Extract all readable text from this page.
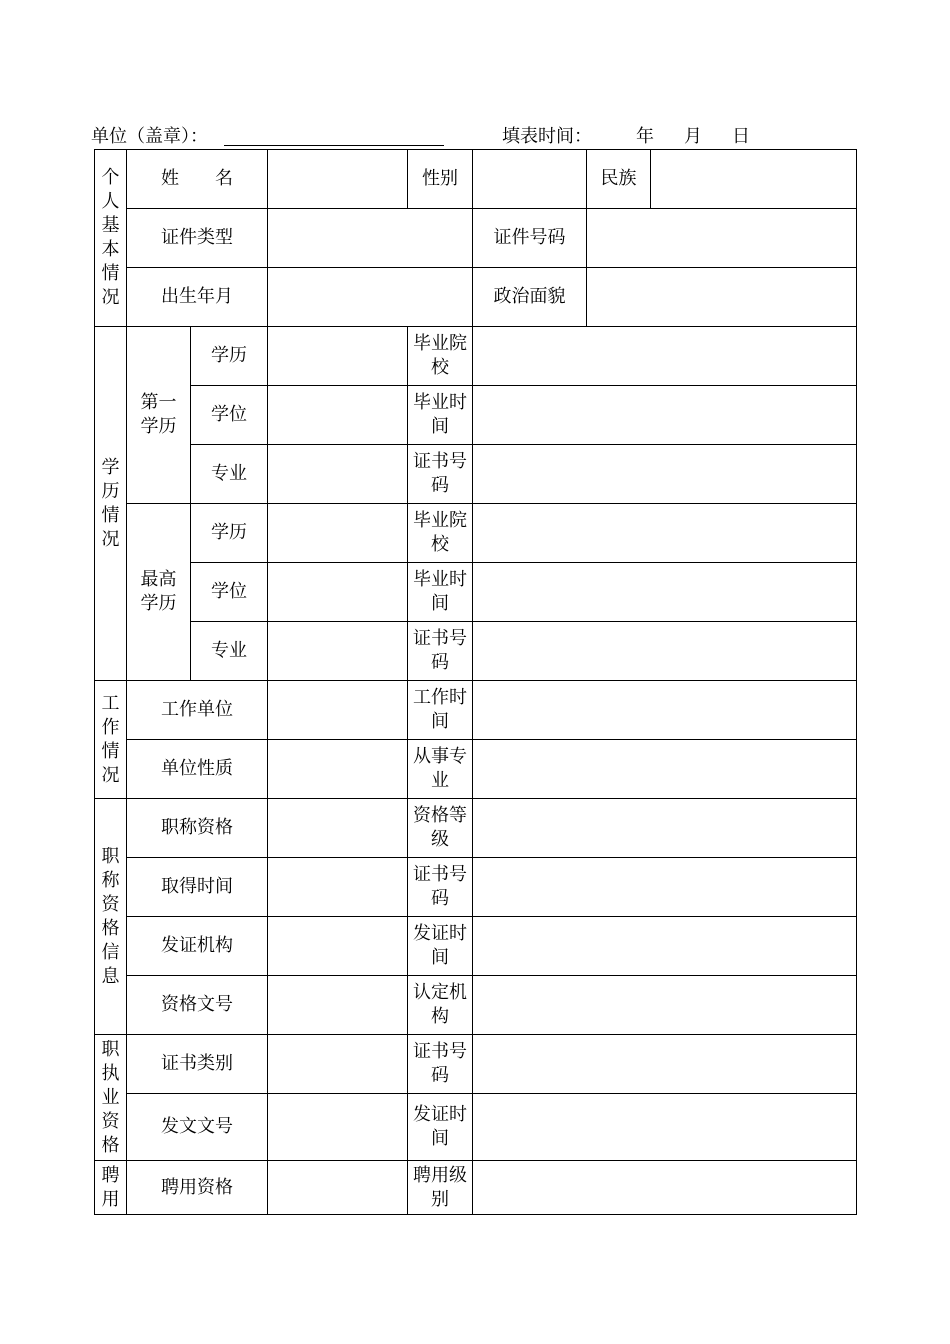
单位（盖章）：	填表时间： 年 月 日
个人基本情况	姓　　名			性别		民族	
	证件类型				证件号码		
	出生年月				政治面貌		

学历情况	第一学历	学历		毕业院校			
		学位		毕业时间			
		专业		证书号码			

	最高学历	学历		毕业院校			
		学位		毕业时间			
		专业		证书号码			

工作情况	工作单位			工作时间			
	单位性质			从事专业			

职称资格信息	职称资格			资格等级			
	取得时间			证书号码			
	发证机构			发证时间			
	资格文号			认定机构			

职执业资格	证书类别			证书号码			
	发文文号			发证时间			

聘用	聘用资格			聘用级别			
